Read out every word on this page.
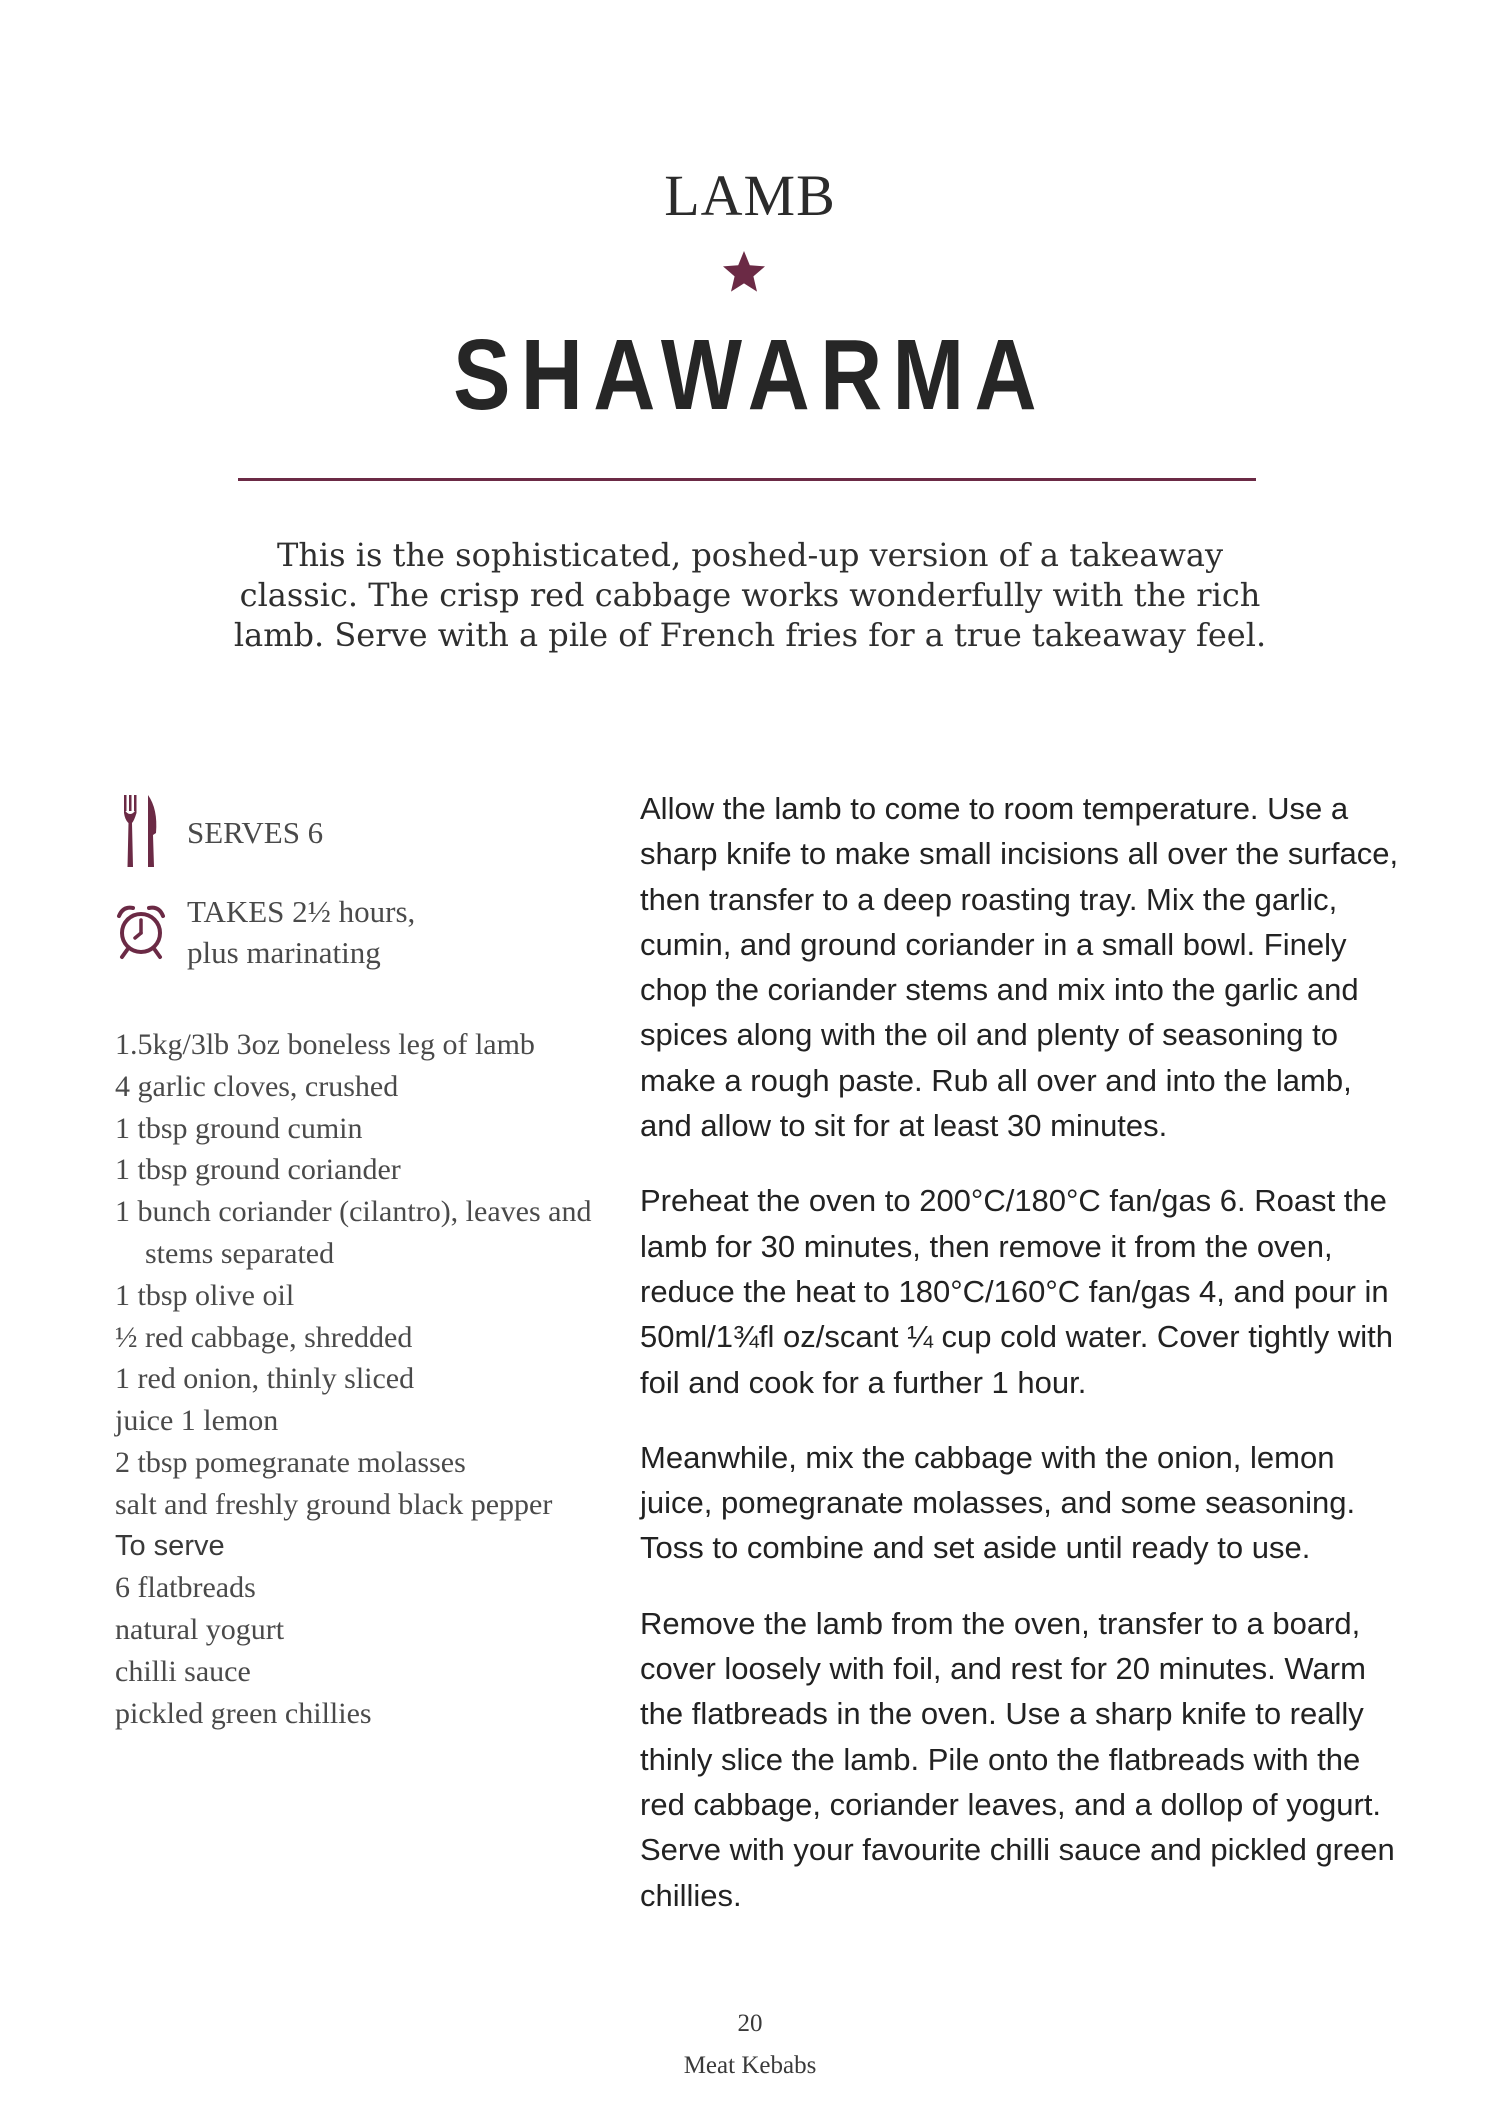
LAMB
SHAWARMA
This is the sophisticated, poshed-up version of a takeaway classic. The crisp red cabbage works wonderfully with the rich lamb. Serve with a pile of French fries for a true takeaway feel.
SERVES 6
TAKES 2½ hours,
plus marinating
1.5kg/3lb 3oz boneless leg of lamb
4 garlic cloves, crushed
1 tbsp ground cumin
1 tbsp ground coriander
1 bunch coriander (cilantro), leaves and stems separated
1 tbsp olive oil
½ red cabbage, shredded
1 red onion, thinly sliced
juice 1 lemon
2 tbsp pomegranate molasses
salt and freshly ground black pepper
To serve
6 flatbreads
natural yogurt
chilli sauce
pickled green chillies

Allow the lamb to come to room temperature. Use a sharp knife to make small incisions all over the surface, then transfer to a deep roasting tray. Mix the garlic, cumin, and ground coriander in a small bowl. Finely chop the coriander stems and mix into the garlic and spices along with the oil and plenty of seasoning to make a rough paste. Rub all over and into the lamb, and allow to sit for at least 30 minutes.

Preheat the oven to 200°C/180°C fan/gas 6. Roast the lamb for 30 minutes, then remove it from the oven, reduce the heat to 180°C/160°C fan/gas 4, and pour in 50ml/1¾fl oz/scant ¼ cup cold water. Cover tightly with foil and cook for a further 1 hour.

Meanwhile, mix the cabbage with the onion, lemon juice, pomegranate molasses, and some seasoning. Toss to combine and set aside until ready to use.

Remove the lamb from the oven, transfer to a board, cover loosely with foil, and rest for 20 minutes. Warm the flatbreads in the oven. Use a sharp knife to really thinly slice the lamb. Pile onto the flatbreads with the red cabbage, coriander leaves, and a dollop of yogurt. Serve with your favourite chilli sauce and pickled green chillies.

20
Meat Kebabs
